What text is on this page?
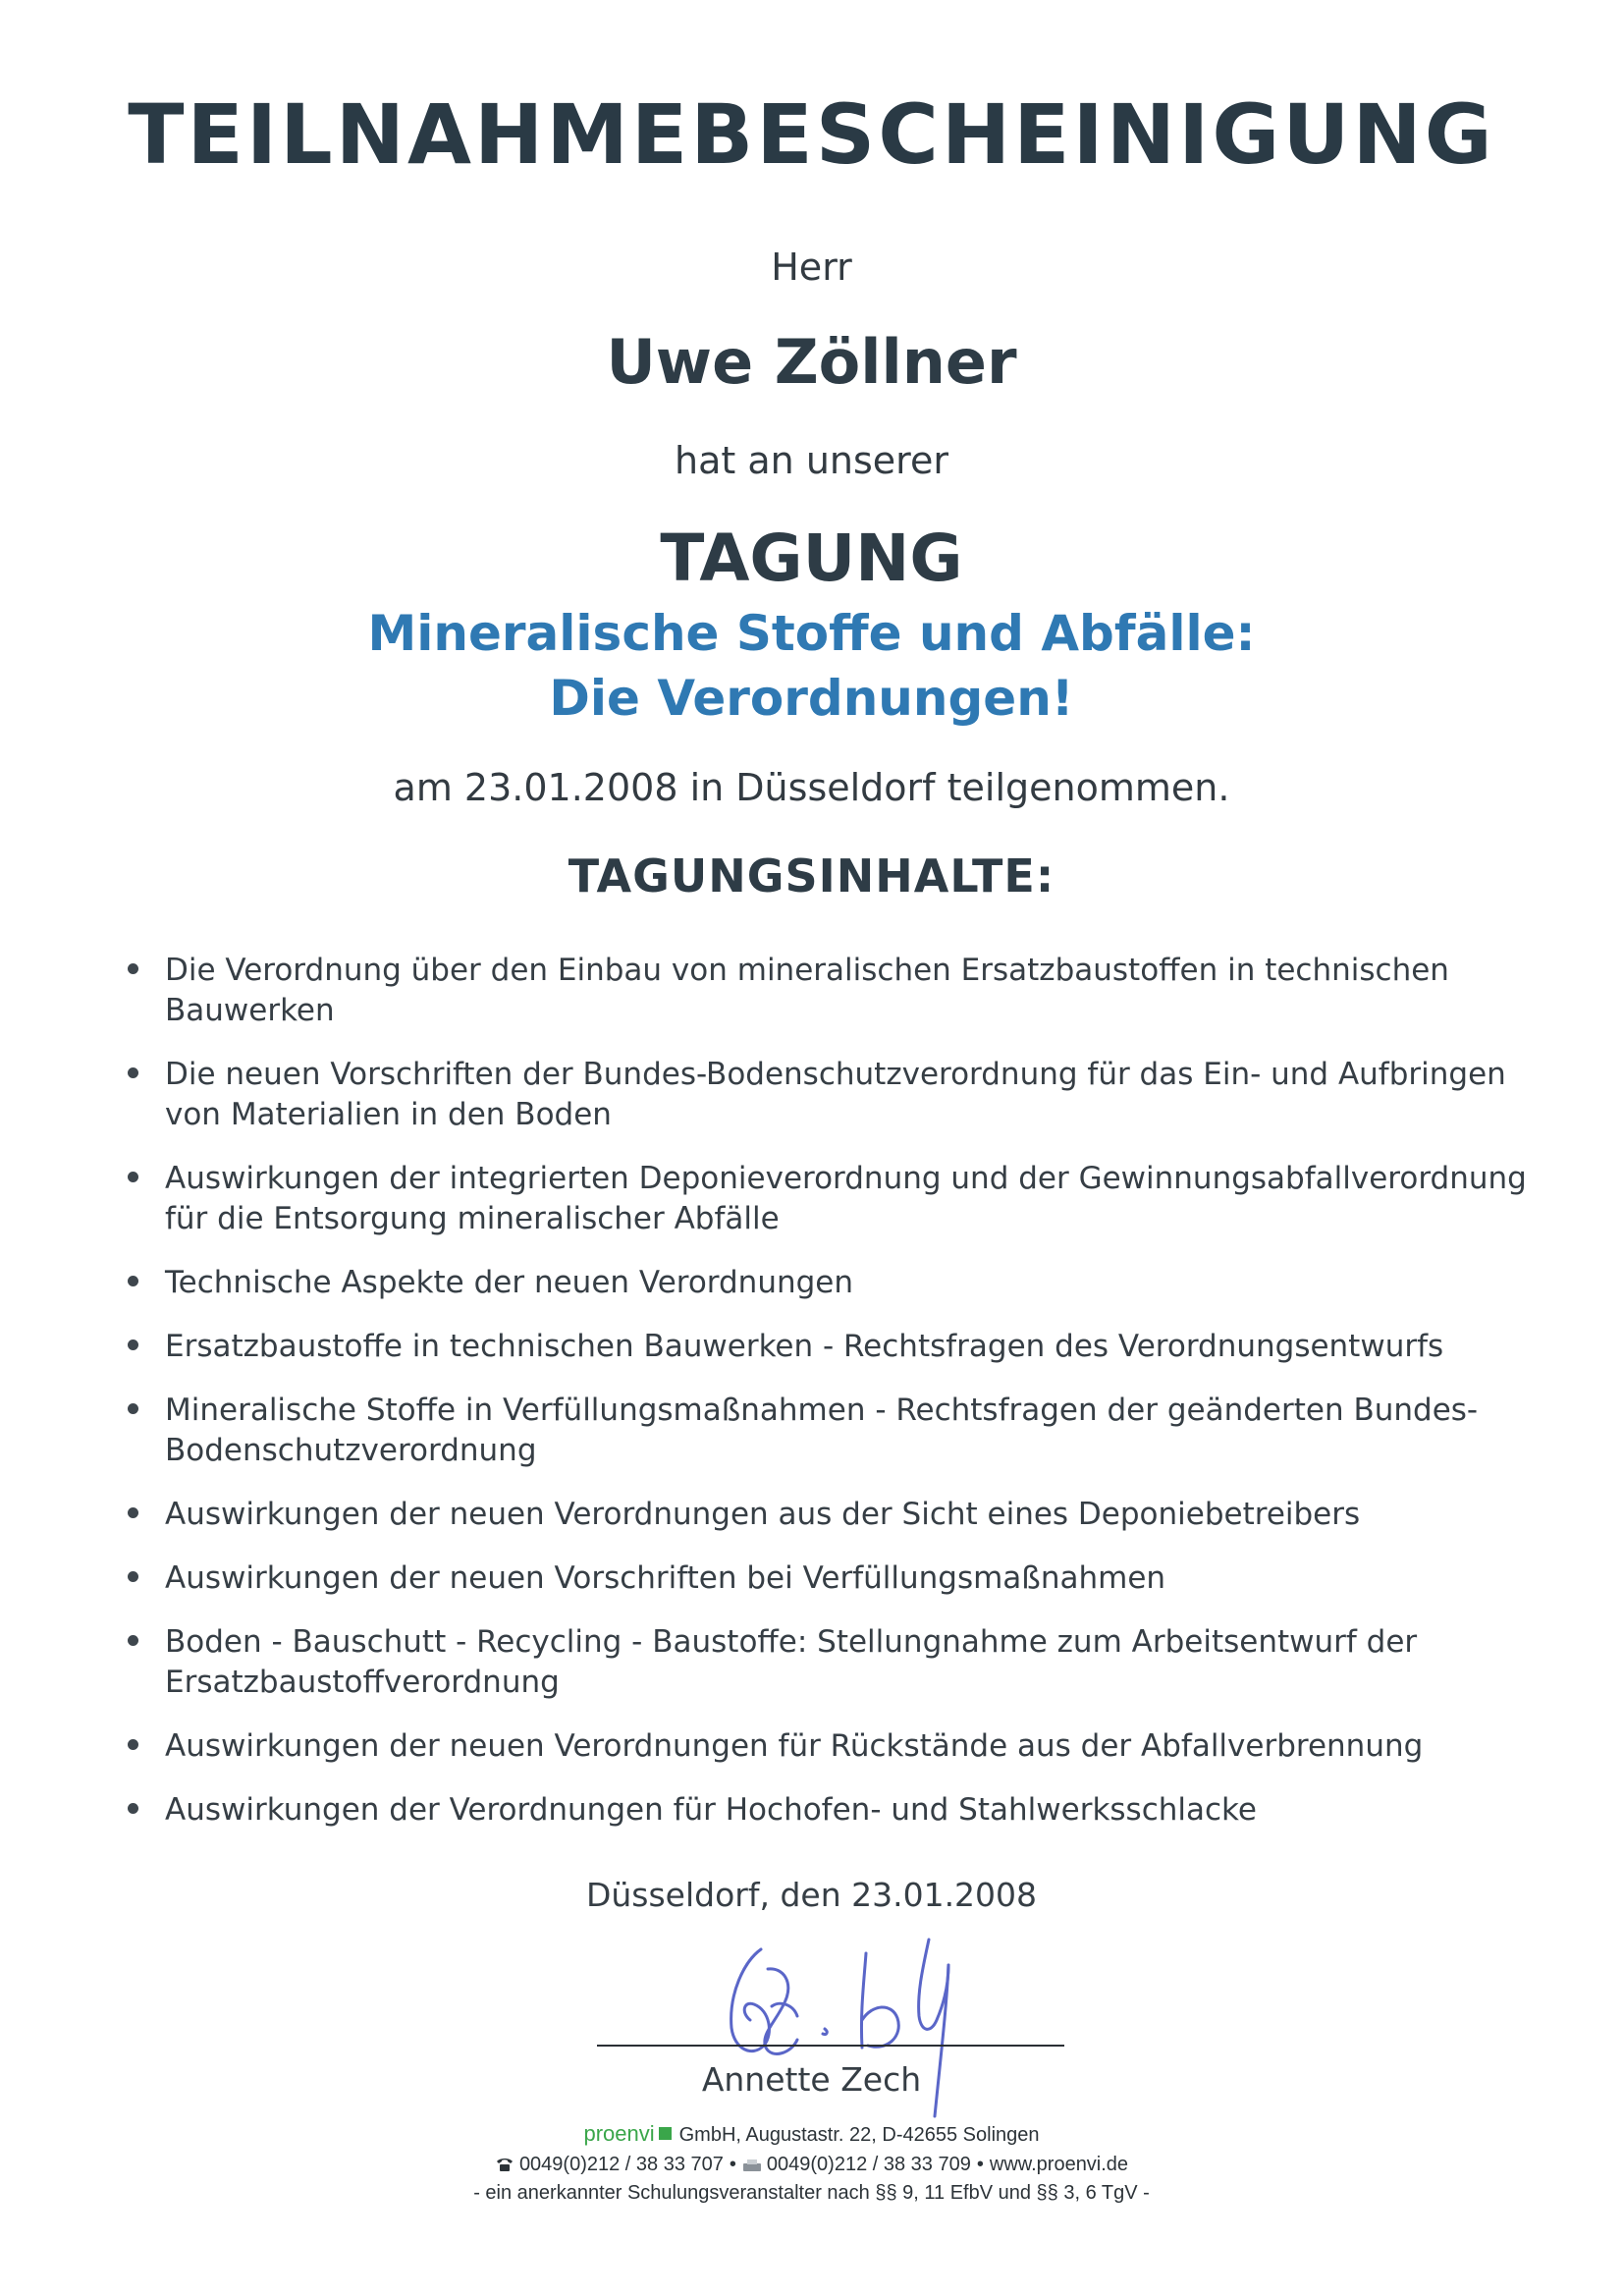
TEILNAHMEBESCHEINIGUNG
Herr
Uwe Zöllner
hat an unserer
TAGUNG
Mineralische Stoffe und Abfälle:
Die Verordnungen!
am 23.01.2008 in Düsseldorf teilgenommen.
TAGUNGSINHALTE:
Die Verordnung über den Einbau von mineralischen Ersatzbaustoffen in technischen
Bauwerken
Die neuen Vorschriften der Bundes-Bodenschutzverordnung für das Ein- und Aufbringen
von Materialien in den Boden
Auswirkungen der integrierten Deponieverordnung und der Gewinnungsabfallverordnung
für die Entsorgung mineralischer Abfälle
Technische Aspekte der neuen Verordnungen
Ersatzbaustoffe in technischen Bauwerken - Rechtsfragen des Verordnungsentwurfs
Mineralische Stoffe in Verfüllungsmaßnahmen - Rechtsfragen der geänderten Bundes-
Bodenschutzverordnung
Auswirkungen der neuen Verordnungen aus der Sicht eines Deponiebetreibers
Auswirkungen der neuen Vorschriften bei Verfüllungsmaßnahmen
Boden - Bauschutt - Recycling - Baustoffe: Stellungnahme zum Arbeitsentwurf der
Ersatzbaustoffverordnung
Auswirkungen der neuen Verordnungen für Rückstände aus der Abfallverbrennung
Auswirkungen der Verordnungen für Hochofen- und Stahlwerksschlacke
Düsseldorf, den 23.01.2008
Annette Zech
proenvi GmbH, Augustastr. 22, D-42655 Solingen
0049(0)212 / 38 33 707 • 0049(0)212 / 38 33 709 • www.proenvi.de
- ein anerkannter Schulungsveranstalter nach §§ 9, 11 EfbV und §§ 3, 6 TgV -
